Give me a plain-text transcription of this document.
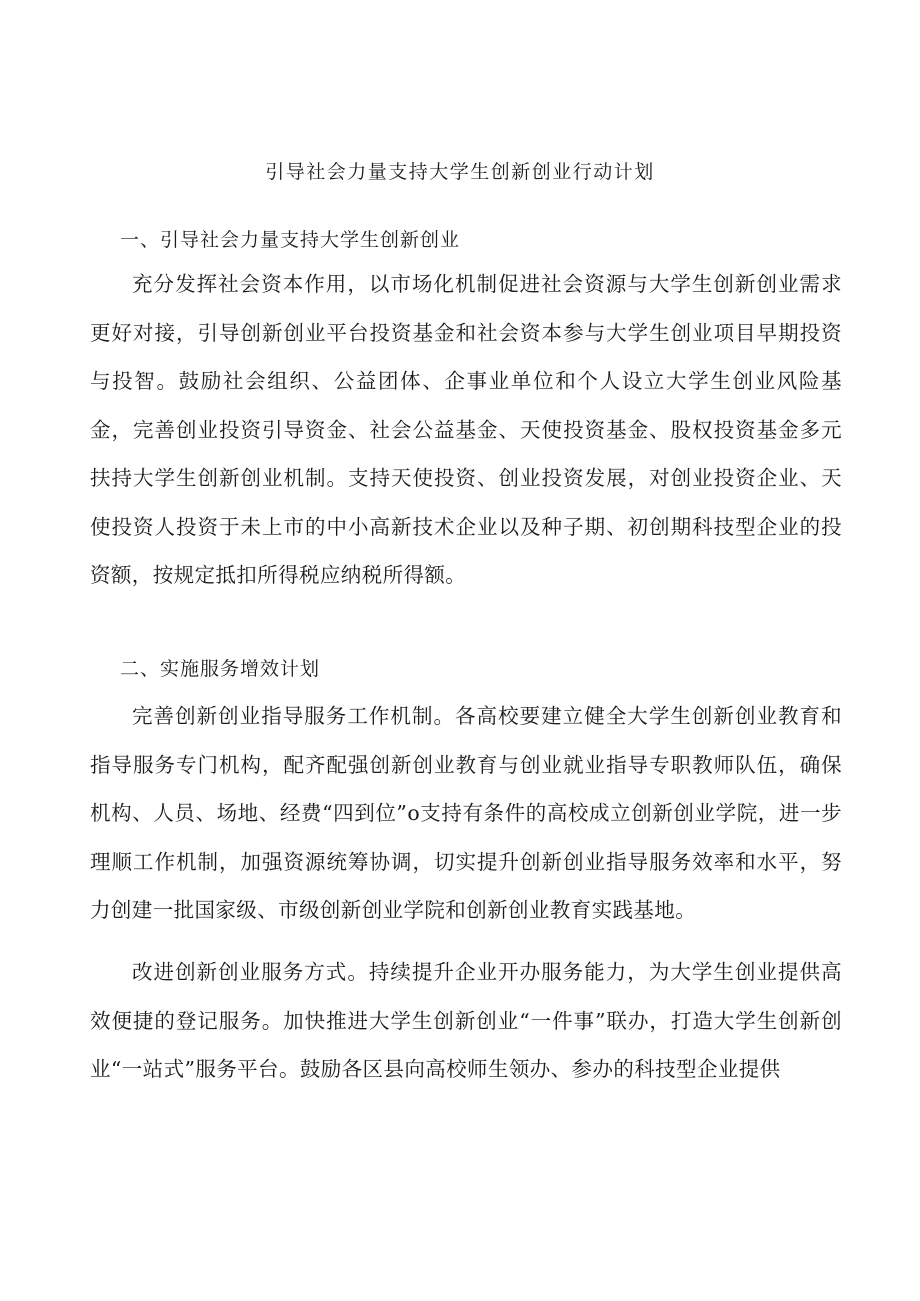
引导社会力量支持大学生创新创业行动计划
一、引导社会力量支持大学生创新创业

充分发挥社会资本作用，以市场化机制促进社会资源与大学生创新创业需求更好对接，引导创新创业平台投资基金和社会资本参与大学生创业项目早期投资与投智。鼓励社会组织、公益团体、企事业单位和个人设立大学生创业风险基金，完善创业投资引导资金、社会公益基金、天使投资基金、股权投资基金多元扶持大学生创新创业机制。支持天使投资、创业投资发展，对创业投资企业、天使投资人投资于未上市的中小高新技术企业以及种子期、初创期科技型企业的投资额，按规定抵扣所得税应纳税所得额。

二、实施服务增效计划

完善创新创业指导服务工作机制。各高校要建立健全大学生创新创业教育和指导服务专门机构，配齐配强创新创业教育与创业就业指导专职教师队伍，确保机构、人员、场地、经费“四到位”o支持有条件的高校成立创新创业学院，进一步理顺工作机制，加强资源统筹协调，切实提升创新创业指导服务效率和水平，努力创建一批国家级、市级创新创业学院和创新创业教育实践基地。

改进创新创业服务方式。持续提升企业开办服务能力，为大学生创业提供高效便捷的登记服务。加快推进大学生创新创业“一件事”联办，打造大学生创新创业“一站式”服务平台。鼓励各区县向高校师生领办、参办的科技型企业提供
